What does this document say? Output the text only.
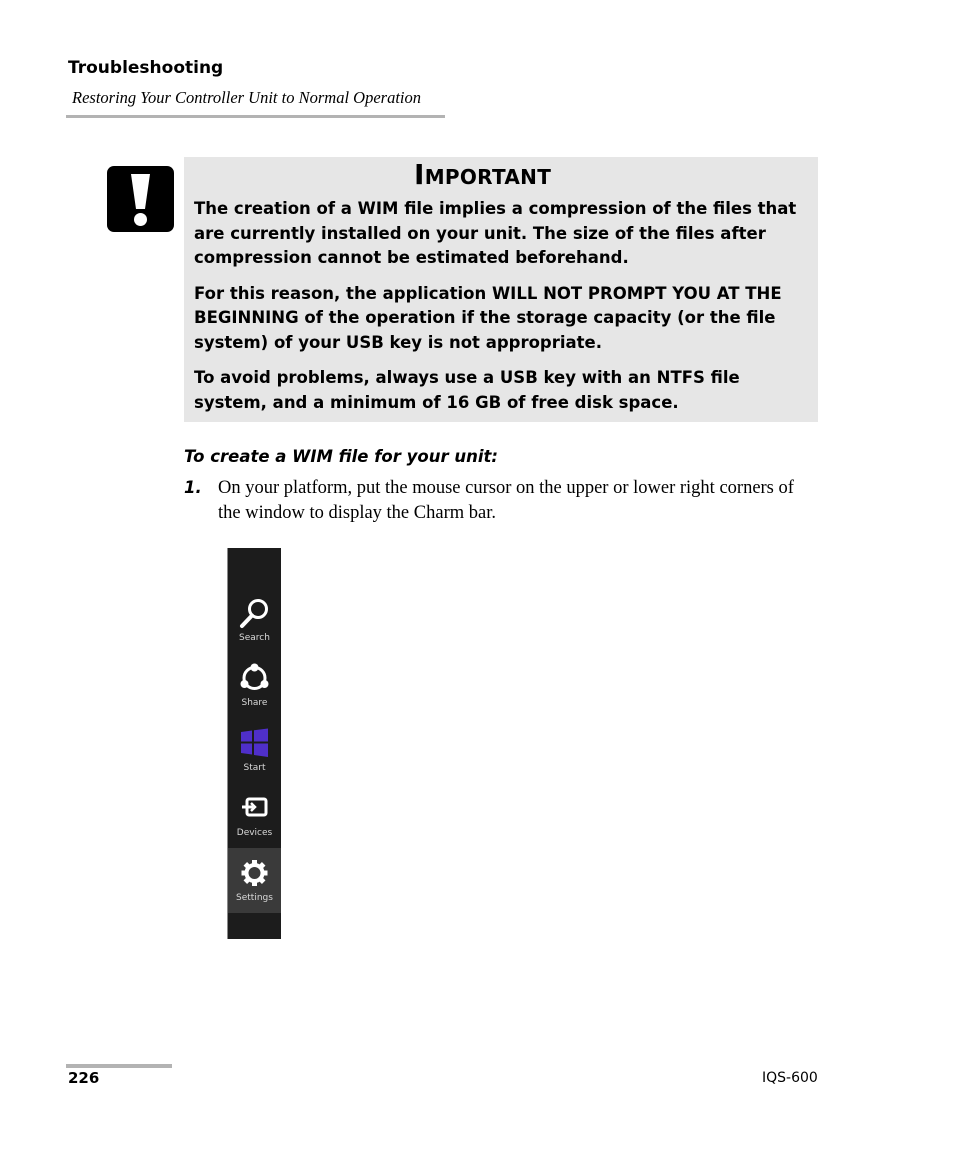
Troubleshooting
Restoring Your Controller Unit to Normal Operation
Important

The creation of a WIM file implies a compression of the files that are currently installed on your unit. The size of the files after compression cannot be estimated beforehand.

For this reason, the application WILL NOT PROMPT YOU AT THE BEGINNING of the operation if the storage capacity (or the file system) of your USB key is not appropriate.

To avoid problems, always use a USB key with an NTFS file system, and a minimum of 16 GB of free disk space.

To create a WIM file for your unit:
1. On your platform, put the mouse cursor on the upper or lower right corners of the window to display the Charm bar.
Search
Share
Start
Devices
Settings
226	IQS-600
